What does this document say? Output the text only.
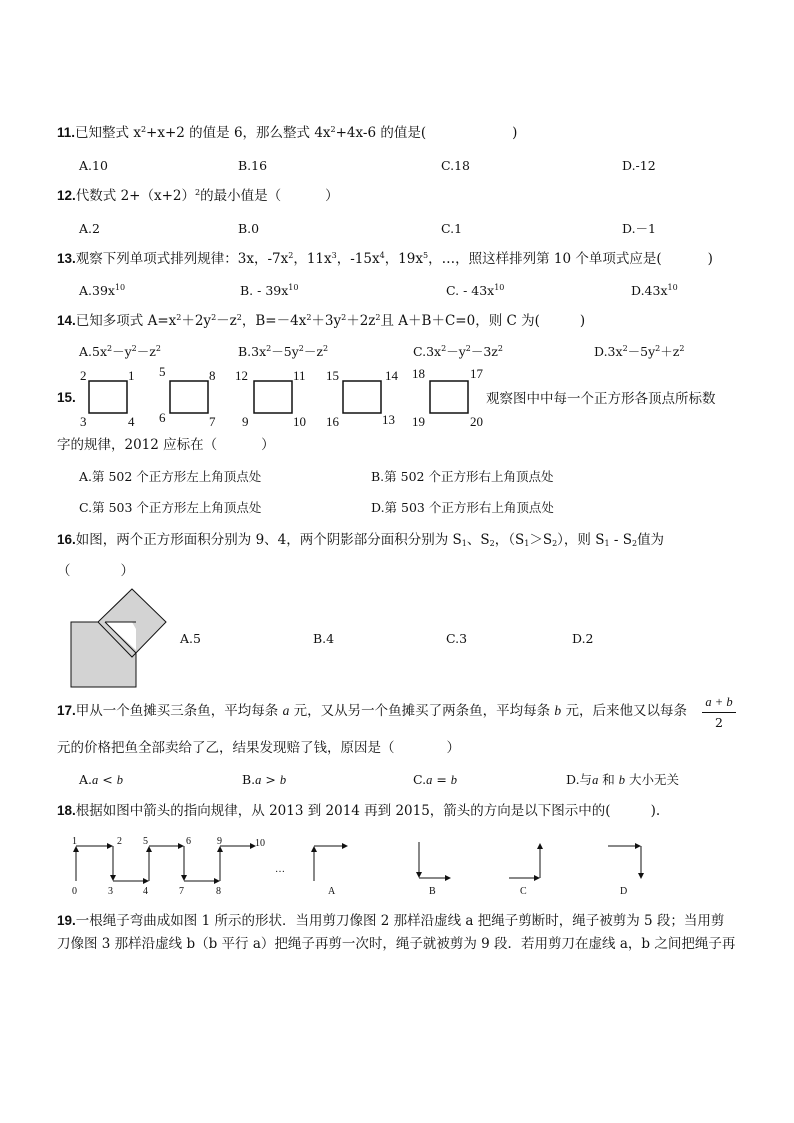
11.已知整式 $x^2+x+2$ 的值是 6，那么整式 $4x^2+4x-6$ 的值是(	)
A.10	B.16	C.18	D.-12
12.代数式 $2+(x+2)^2$的最小值是（	）
A.2	B.0	C.1	D.－1
13.观察下列单项式排列规律：3x，$-7x^2$，$11x^3$，$-15x^4$，$19x^5$，…，照这样排列第 10 个单项式应是(	)
$A.39x^{10}$	B. - $39x^{10}$	C. - $43x^{10}$	$D.43x^{10}$
14.已知多项式 $A=x^2+2y^2-z^2$，$B=-4x^2+3y^2+2z^2$且 A＋B＋C=0，则 C 为(	)
$A.5x^2-y^2-z^2$	$B.3x^2-5y^2-z^2$	$C.3x^2-y^2-3z^2$	$D.3x^2-5y^2+z^2$
15.
2	1
3	4
5	8
6	7
12	11
9	10
15	14
16	13
18	17
19	20
观察图中中每一个正方形各顶点所标数
字的规律，2012 应标在（	）
A.第 502 个正方形左上角顶点处	B.第 502 个正方形右上角顶点处
C.第 503 个正方形左上角顶点处	D.第 503 个正方形右上角顶点处
16.如图，两个正方形面积分别为 9、4，两个阴影部分面积分别为 $S_1$、$S_2$，$(S_1>S_2)$，则 $S_1 - S_2$值为
（	）
A.5	B.4	C.3	D.2
17.甲从一个鱼摊买三条鱼，平均每条 a 元，又从另一个鱼摊买了两条鱼，平均每条 b 元，后来他又以每条
a + b
2
元的价格把鱼全部卖给了乙，结果发现赔了钱，原因是（	）
A.a < b	B.a > b	C.a = b	D.与a 和 b 大小无关
18.根据如图中箭头的指向规律，从 2013 到 2014 再到 2015，箭头的方向是以下图示中的(	).
0
1	2
3	4
5	6
7	8
9	10
…
A	B	C	D
19.一根绳子弯曲成如图 1 所示的形状．当用剪刀像图 2 那样沿虚线 a 把绳子剪断时，绳子被剪为 5 段；当用剪
刀像图 3 那样沿虚线 b（b 平行 a）把绳子再剪一次时，绳子就被剪为 9 段．若用剪刀在虚线 a，b 之间把绳子再
